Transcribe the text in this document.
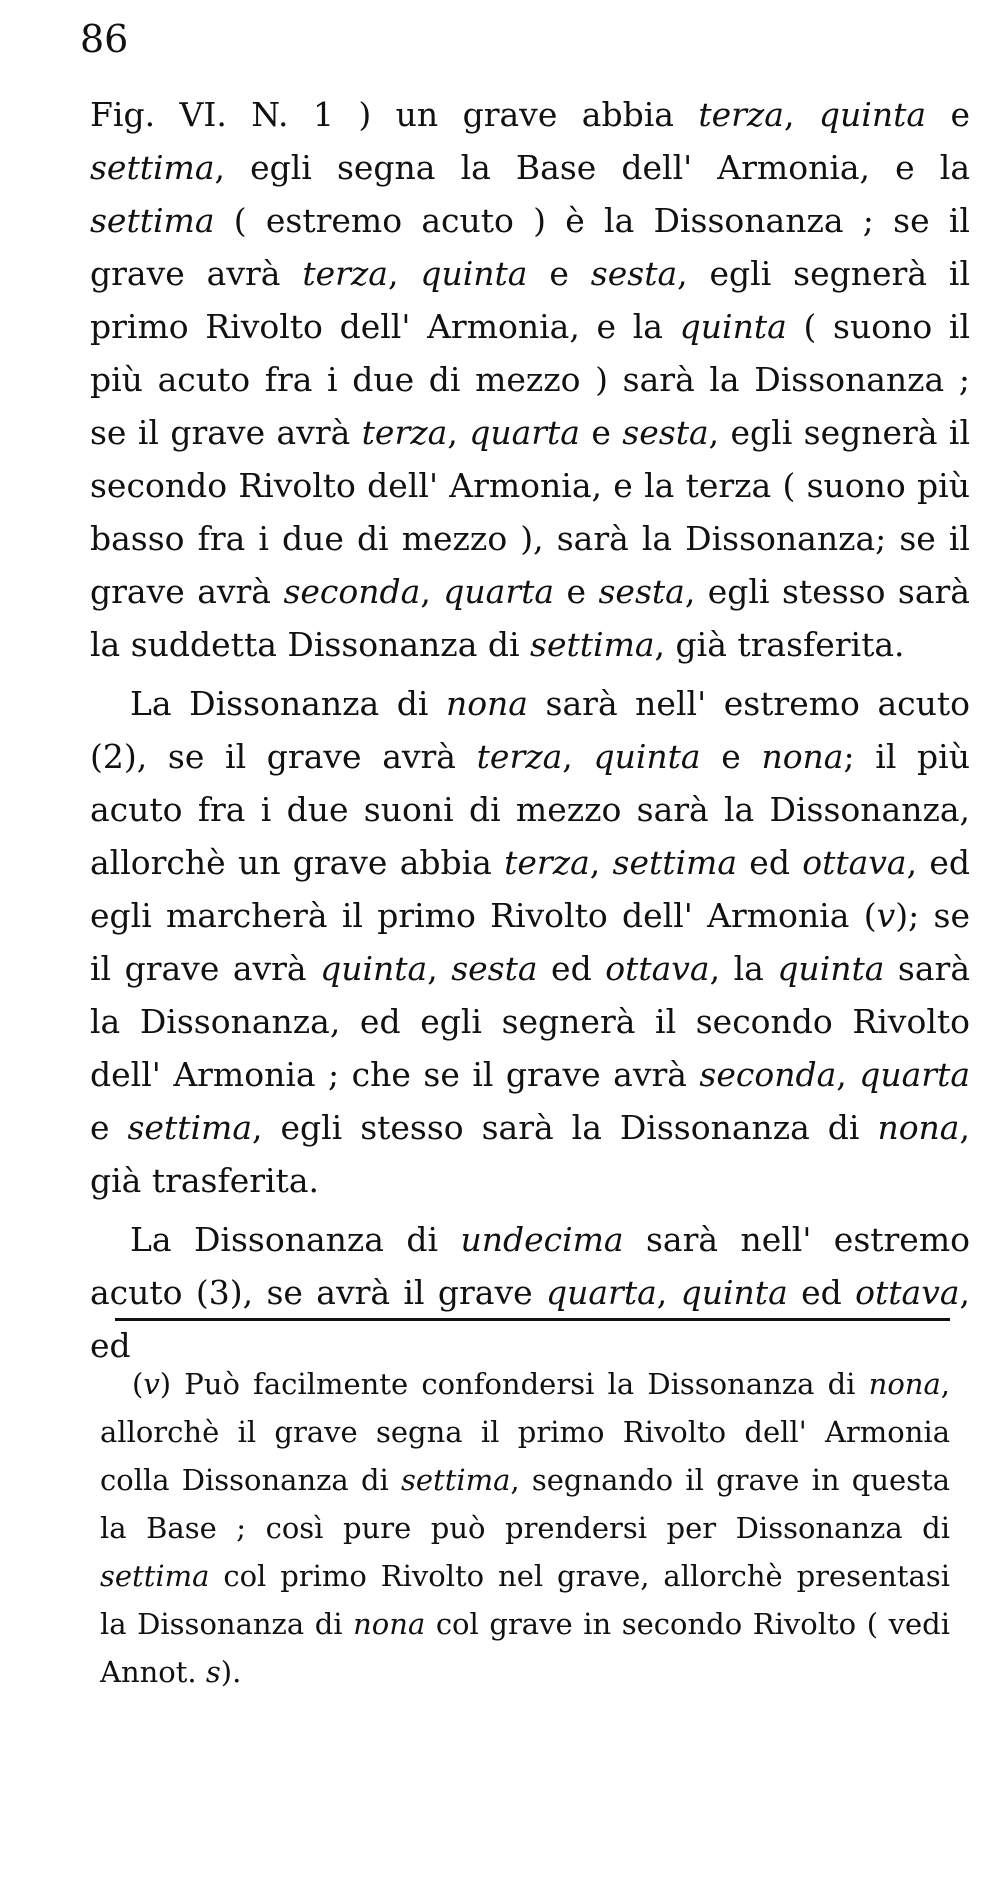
86

Fig. VI. N. 1 ) un grave abbia terza, quinta e settima, egli segna la Base dell' Armonia, e la settima ( estremo acuto ) è la Dissonanza ; se il grave avrà terza, quinta e sesta, egli segnerà il primo Rivolto dell' Armonia, e la quinta ( suono il più acuto fra i due di mezzo ) sarà la Dissonanza ; se il grave avrà terza, quarta e sesta, egli segnerà il secondo Rivolto dell' Armonia, e la terza ( suono più basso fra i due di mezzo ), sarà la Dissonanza; se il grave avrà seconda, quarta e sesta, egli stesso sarà la suddetta Dissonanza di settima, già trasferita.

La Dissonanza di nona sarà nell' estremo acuto (2), se il grave avrà terza, quinta e nona; il più acuto fra i due suoni di mezzo sarà la Dissonanza, allorchè un grave abbia terza, settima ed ottava, ed egli marcherà il primo Rivolto dell' Armonia (v); se il grave avrà quinta, sesta ed ottava, la quinta sarà la Dissonanza, ed egli segnerà il secondo Rivolto dell' Armonia ; che se il grave avrà seconda, quarta e settima, egli stesso sarà la Dissonanza di nona, già trasferita.

La Dissonanza di undecima sarà nell' estremo acuto (3), se avrà il grave quarta, quinta ed ottava, ed

(v) Può facilmente confondersi la Dissonanza di nona, allorchè il grave segna il primo Rivolto dell' Armonia colla Dissonanza di settima, segnando il grave in questa la Base ; così pure può prendersi per Dissonanza di settima col primo Rivolto nel grave, allorchè presentasi la Dissonanza di nona col grave in secondo Rivolto ( vedi Annot. s).
